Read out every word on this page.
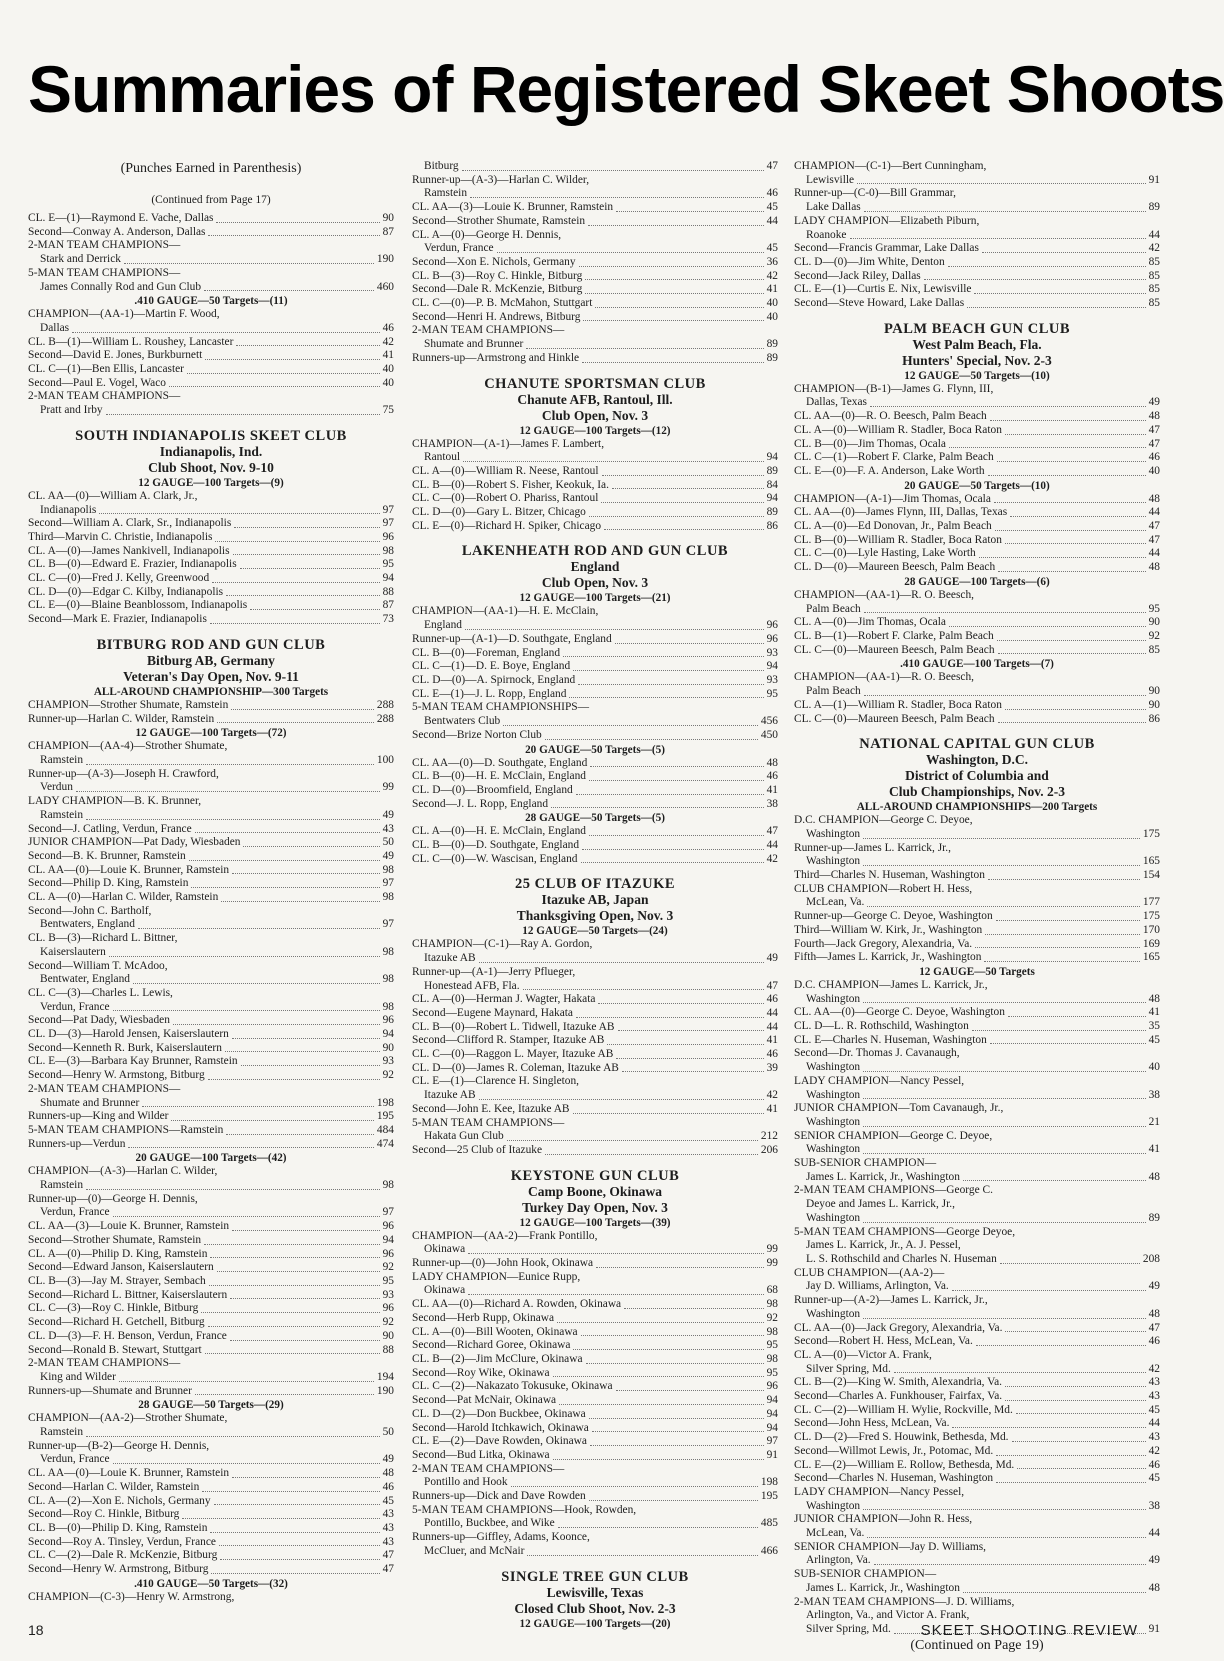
Summaries of Registered Skeet Shoots
(Punches Earned in Parenthesis)
(Continued from Page 17)
CL. E—(1)—Raymond E. Vache, Dallas	90
Second—Conway A. Anderson, Dallas	87
2-MAN TEAM CHAMPIONS—
Stark and Derrick	190
5-MAN TEAM CHAMPIONS—
James Connally Rod and Gun Club	460
.410 GAUGE—50 Targets—(11)
CHAMPION—(AA-1)—Martin F. Wood,
Dallas	46
CL. B—(1)—William L. Roushey, Lancaster	42
Second—David E. Jones, Burkburnett	41
CL. C—(1)—Ben Ellis, Lancaster	40
Second—Paul E. Vogel, Waco	40
2-MAN TEAM CHAMPIONS—
Pratt and Irby	75
SOUTH INDIANAPOLIS SKEET CLUB
Indianapolis, Ind.
Club Shoot, Nov. 9-10
12 GAUGE—100 Targets—(9)
CL. AA—(0)—William A. Clark, Jr.,
Indianapolis	97
Second—William A. Clark, Sr., Indianapolis	97
Third—Marvin C. Christie, Indianapolis	96
CL. A—(0)—James Nankivell, Indianapolis	98
CL. B—(0)—Edward E. Frazier, Indianapolis	95
CL. C—(0)—Fred J. Kelly, Greenwood	94
CL. D—(0)—Edgar C. Kilby, Indianapolis	88
CL. E—(0)—Blaine Beanblossom, Indianapolis	87
Second—Mark E. Frazier, Indianapolis	73
BITBURG ROD AND GUN CLUB
Bitburg AB, Germany
Veteran's Day Open, Nov. 9-11
ALL-AROUND CHAMPIONSHIP—300 Targets
CHAMPION—Strother Shumate, Ramstein	288
Runner-up—Harlan C. Wilder, Ramstein	288
12 GAUGE—100 Targets—(72)
CHAMPION—(AA-4)—Strother Shumate,
Ramstein	100
Runner-up—(A-3)—Joseph H. Crawford,
Verdun	99
LADY CHAMPION—B. K. Brunner,
Ramstein	49
Second—J. Catling, Verdun, France	43
JUNIOR CHAMPION—Pat Dady, Wiesbaden	50
Second—B. K. Brunner, Ramstein	49
CL. AA—(0)—Louie K. Brunner, Ramstein	98
Second—Philip D. King, Ramstein	97
CL. A—(0)—Harlan C. Wilder, Ramstein	98
Second—John C. Bartholf,
Bentwaters, England	97
CL. B—(3)—Richard L. Bittner,
Kaiserslautern	98
Second—William T. McAdoo,
Bentwater, England	98
CL. C—(3)—Charles L. Lewis,
Verdun, France	98
Second—Pat Dady, Wiesbaden	96
CL. D—(3)—Harold Jensen, Kaiserslautern	94
Second—Kenneth R. Burk, Kaiserslautern	90
CL. E—(3)—Barbara Kay Brunner, Ramstein	93
Second—Henry W. Armstong, Bitburg	92
2-MAN TEAM CHAMPIONS—
Shumate and Brunner	198
Runners-up—King and Wilder	195
5-MAN TEAM CHAMPIONS—Ramstein	484
Runners-up—Verdun	474
20 GAUGE—100 Targets—(42)
CHAMPION—(A-3)—Harlan C. Wilder,
Ramstein	98
Runner-up—(0)—George H. Dennis,
Verdun, France	97
CL. AA—(3)—Louie K. Brunner, Ramstein	96
Second—Strother Shumate, Ramstein	94
CL. A—(0)—Philip D. King, Ramstein	96
Second—Edward Janson, Kaiserslautern	92
CL. B—(3)—Jay M. Strayer, Sembach	95
Second—Richard L. Bittner, Kaiserslautern	93
CL. C—(3)—Roy C. Hinkle, Bitburg	96
Second—Richard H. Getchell, Bitburg	92
CL. D—(3)—F. H. Benson, Verdun, France	90
Second—Ronald B. Stewart, Stuttgart	88
2-MAN TEAM CHAMPIONS—
King and Wilder	194
Runners-up—Shumate and Brunner	190
28 GAUGE—50 Targets—(29)
CHAMPION—(AA-2)—Strother Shumate,
Ramstein	50
Runner-up—(B-2)—George H. Dennis,
Verdun, France	49
CL. AA—(0)—Louie K. Brunner, Ramstein	48
Second—Harlan C. Wilder, Ramstein	46
CL. A—(2)—Xon E. Nichols, Germany	45
Second—Roy C. Hinkle, Bitburg	43
CL. B—(0)—Philip D. King, Ramstein	43
Second—Roy A. Tinsley, Verdun, France	43
CL. C—(2)—Dale R. McKenzie, Bitburg	47
Second—Henry W. Armstrong, Bitburg	47
.410 GAUGE—50 Targets—(32)
CHAMPION—(C-3)—Henry W. Armstrong,
Bitburg	47
Runner-up—(A-3)—Harlan C. Wilder,
Ramstein	46
CL. AA—(3)—Louie K. Brunner, Ramstein	45
Second—Strother Shumate, Ramstein	44
CL. A—(0)—George H. Dennis,
Verdun, France	45
Second—Xon E. Nichols, Germany	36
CL. B—(3)—Roy C. Hinkle, Bitburg	42
Second—Dale R. McKenzie, Bitburg	41
CL. C—(0)—P. B. McMahon, Stuttgart	40
Second—Henri H. Andrews, Bitburg	40
2-MAN TEAM CHAMPIONS—
Shumate and Brunner	89
Runners-up—Armstrong and Hinkle	89
CHANUTE SPORTSMAN CLUB
Chanute AFB, Rantoul, Ill.
Club Open, Nov. 3
12 GAUGE—100 Targets—(12)
CHAMPION—(A-1)—James F. Lambert,
Rantoul	94
CL. A—(0)—William R. Neese, Rantoul	89
CL. B—(0)—Robert S. Fisher, Keokuk, Ia.	84
CL. C—(0)—Robert O. Phariss, Rantoul	94
CL. D—(0)—Gary L. Bitzer, Chicago	89
CL. E—(0)—Richard H. Spiker, Chicago	86
LAKENHEATH ROD AND GUN CLUB
England
Club Open, Nov. 3
12 GAUGE—100 Targets—(21)
CHAMPION—(AA-1)—H. E. McClain,
England	96
Runner-up—(A-1)—D. Southgate, England	96
CL. B—(0)—Foreman, England	93
CL. C—(1)—D. E. Boye, England	94
CL. D—(0)—A. Spirnock, England	93
CL. E—(1)—J. L. Ropp, England	95
5-MAN TEAM CHAMPIONSHIPS—
Bentwaters Club	456
Second—Brize Norton Club	450
20 GAUGE—50 Targets—(5)
CL. AA—(0)—D. Southgate, England	48
CL. B—(0)—H. E. McClain, England	46
CL. D—(0)—Broomfield, England	41
Second—J. L. Ropp, England	38
28 GAUGE—50 Targets—(5)
CL. A—(0)—H. E. McClain, England	47
CL. B—(0)—D. Southgate, England	44
CL. C—(0)—W. Wascisan, England	42
25 CLUB OF ITAZUKE
Itazuke AB, Japan
Thanksgiving Open, Nov. 3
12 GAUGE—50 Targets—(24)
CHAMPION—(C-1)—Ray A. Gordon,
Itazuke AB	49
Runner-up—(A-1)—Jerry Pflueger,
Honestead AFB, Fla.	47
CL. A—(0)—Herman J. Wagter, Hakata	46
Second—Eugene Maynard, Hakata	44
CL. B—(0)—Robert L. Tidwell, Itazuke AB	44
Second—Clifford R. Stamper, Itazuke AB	41
CL. C—(0)—Raggon L. Mayer, Itazuke AB	46
CL. D—(0)—James R. Coleman, Itazuke AB	39
CL. E—(1)—Clarence H. Singleton,
Itazuke AB	42
Second—John E. Kee, Itazuke AB	41
5-MAN TEAM CHAMPIONS—
Hakata Gun Club	212
Second—25 Club of Itazuke	206
KEYSTONE GUN CLUB
Camp Boone, Okinawa
Turkey Day Open, Nov. 3
12 GAUGE—100 Targets—(39)
CHAMPION—(AA-2)—Frank Pontillo,
Okinawa	99
Runner-up—(0)—John Hook, Okinawa	99
LADY CHAMPION—Eunice Rupp,
Okinawa	68
CL. AA—(0)—Richard A. Rowden, Okinawa	98
Second—Herb Rupp, Okinawa	92
CL. A—(0)—Bill Wooten, Okinawa	98
Second—Richard Goree, Okinawa	95
CL. B—(2)—Jim McClure, Okinawa	98
Second—Roy Wike, Okinawa	95
CL. C—(2)—Nakazato Tokusuke, Okinawa	96
Second—Pat McNair, Okinawa	94
CL. D—(2)—Don Buckbee, Okinawa	94
Second—Harold Itchkawich, Okinawa	94
CL. E—(2)—Dave Rowden, Okinawa	97
Second—Bud Litka, Okinawa	91
2-MAN TEAM CHAMPIONS—
Pontillo and Hook	198
Runners-up—Dick and Dave Rowden	195
5-MAN TEAM CHAMPIONS—Hook, Rowden,
Pontillo, Buckbee, and Wike	485
Runners-up—Giffley, Adams, Koonce,
McCluer, and McNair	466
SINGLE TREE GUN CLUB
Lewisville, Texas
Closed Club Shoot, Nov. 2-3
12 GAUGE—100 Targets—(20)
CHAMPION—(C-1)—Bert Cunningham,
Lewisville	91
Runner-up—(C-0)—Bill Grammar,
Lake Dallas	89
LADY CHAMPION—Elizabeth Piburn,
Roanoke	44
Second—Francis Grammar, Lake Dallas	42
CL. D—(0)—Jim White, Denton	85
Second—Jack Riley, Dallas	85
CL. E—(1)—Curtis E. Nix, Lewisville	85
Second—Steve Howard, Lake Dallas	85
PALM BEACH GUN CLUB
West Palm Beach, Fla.
Hunters' Special, Nov. 2-3
12 GAUGE—50 Targets—(10)
CHAMPION—(B-1)—James G. Flynn, III,
Dallas, Texas	49
CL. AA—(0)—R. O. Beesch, Palm Beach	48
CL. A—(0)—William R. Stadler, Boca Raton	47
CL. B—(0)—Jim Thomas, Ocala	47
CL. C—(1)—Robert F. Clarke, Palm Beach	46
CL. E—(0)—F. A. Anderson, Lake Worth	40
20 GAUGE—50 Targets—(10)
CHAMPION—(A-1)—Jim Thomas, Ocala	48
CL. AA—(0)—James Flynn, III, Dallas, Texas	44
CL. A—(0)—Ed Donovan, Jr., Palm Beach	47
CL. B—(0)—William R. Stadler, Boca Raton	47
CL. C—(0)—Lyle Hasting, Lake Worth	44
CL. D—(0)—Maureen Beesch, Palm Beach	48
28 GAUGE—100 Targets—(6)
CHAMPION—(AA-1)—R. O. Beesch,
Palm Beach	95
CL. A—(0)—Jim Thomas, Ocala	90
CL. B—(1)—Robert F. Clarke, Palm Beach	92
CL. C—(0)—Maureen Beesch, Palm Beach	85
.410 GAUGE—100 Targets—(7)
CHAMPION—(AA-1)—R. O. Beesch,
Palm Beach	90
CL. A—(1)—William R. Stadler, Boca Raton	90
CL. C—(0)—Maureen Beesch, Palm Beach	86
NATIONAL CAPITAL GUN CLUB
Washington, D.C.
District of Columbia and
Club Championships, Nov. 2-3
ALL-AROUND CHAMPIONSHIPS—200 Targets
D.C. CHAMPION—George C. Deyoe,
Washington	175
Runner-up—James L. Karrick, Jr.,
Washington	165
Third—Charles N. Huseman, Washington	154
CLUB CHAMPION—Robert H. Hess,
McLean, Va.	177
Runner-up—George C. Deyoe, Washington	175
Third—William W. Kirk, Jr., Washington	170
Fourth—Jack Gregory, Alexandria, Va.	169
Fifth—James L. Karrick, Jr., Washington	165
12 GAUGE—50 Targets
D.C. CHAMPION—James L. Karrick, Jr.,
Washington	48
CL. AA—(0)—George C. Deyoe, Washington	41
CL. D—L. R. Rothschild, Washington	35
CL. E—Charles N. Huseman, Washington	45
Second—Dr. Thomas J. Cavanaugh,
Washington	40
LADY CHAMPION—Nancy Pessel,
Washington	38
JUNIOR CHAMPION—Tom Cavanaugh, Jr.,
Washington	21
SENIOR CHAMPION—George C. Deyoe,
Washington	41
SUB-SENIOR CHAMPION—
James L. Karrick, Jr., Washington	48
2-MAN TEAM CHAMPIONS—George C.
Deyoe and James L. Karrick, Jr.,
Washington	89
5-MAN TEAM CHAMPIONS—George Deyoe,
James L. Karrick, Jr., A. J. Pessel,
L. S. Rothschild and Charles N. Huseman	208
CLUB CHAMPION—(AA-2)—
Jay D. Williams, Arlington, Va.	49
Runner-up—(A-2)—James L. Karrick, Jr.,
Washington	48
CL. AA—(0)—Jack Gregory, Alexandria, Va.	47
Second—Robert H. Hess, McLean, Va.	46
CL. A—(0)—Victor A. Frank,
Silver Spring, Md.	42
CL. B—(2)—King W. Smith, Alexandria, Va.	43
Second—Charles A. Funkhouser, Fairfax, Va.	43
CL. C—(2)—William H. Wylie, Rockville, Md.	45
Second—John Hess, McLean, Va.	44
CL. D—(2)—Fred S. Houwink, Bethesda, Md.	43
Second—Willmot Lewis, Jr., Potomac, Md.	42
CL. E—(2)—William E. Rollow, Bethesda, Md.	46
Second—Charles N. Huseman, Washington	45
LADY CHAMPION—Nancy Pessel,
Washington	38
JUNIOR CHAMPION—John R. Hess,
McLean, Va.	44
SENIOR CHAMPION—Jay D. Williams,
Arlington, Va.	49
SUB-SENIOR CHAMPION—
James L. Karrick, Jr., Washington	48
2-MAN TEAM CHAMPIONS—J. D. Williams,
Arlington, Va., and Victor A. Frank,
Silver Spring, Md.	91
(Continued on Page 19)
18	SKEET SHOOTING REVIEW
